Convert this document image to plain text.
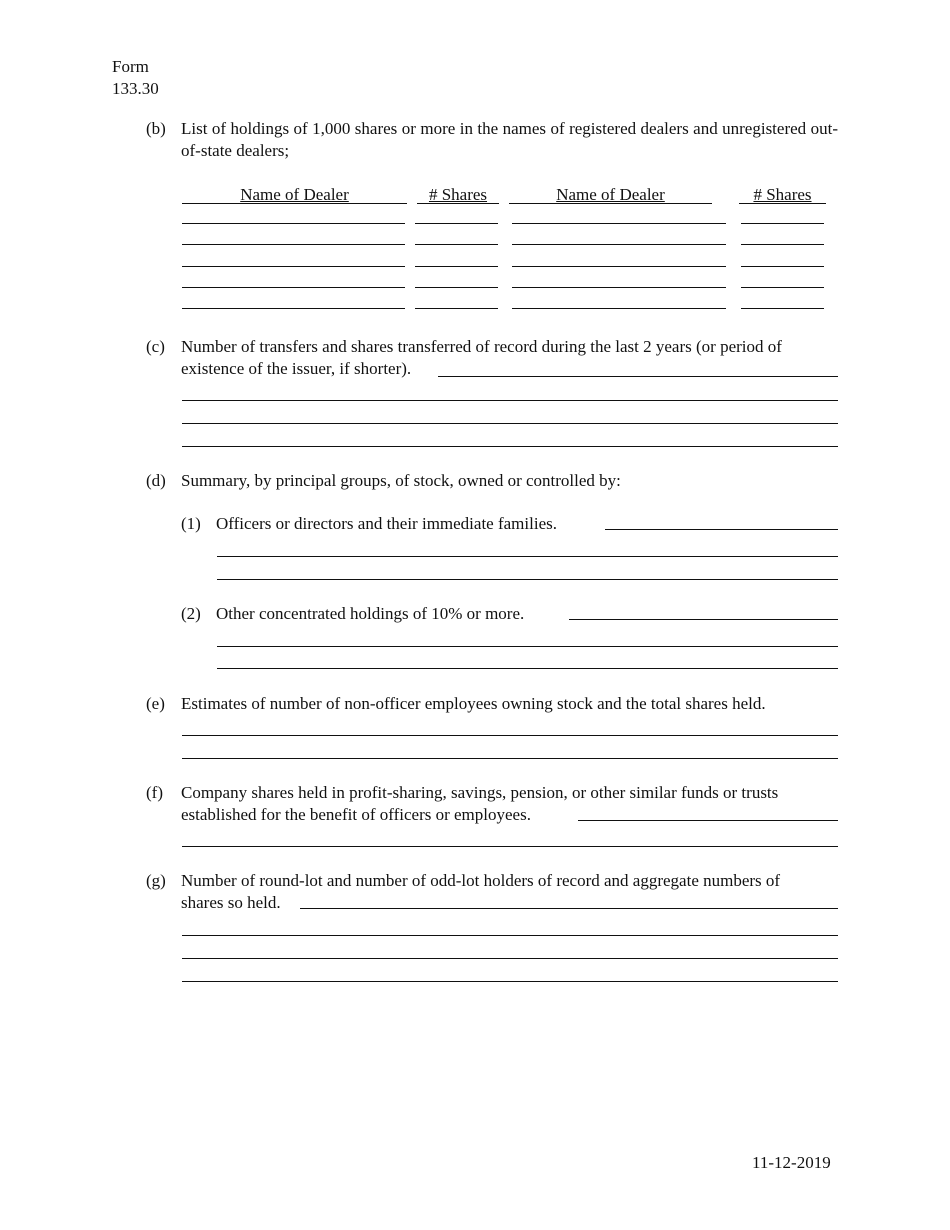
Form
133.30
(b) List of holdings of 1,000 shares or more in the names of registered dealers and unregistered out-of-state dealers;
Name of Dealer	# Shares	Name of Dealer	# Shares
(c) Number of transfers and shares transferred of record during the last 2 years (or period of
existence of the issuer, if shorter).
(d) Summary, by principal groups, of stock, owned or controlled by:
(1) Officers or directors and their immediate families.
(2) Other concentrated holdings of 10% or more.
(e) Estimates of number of non-officer employees owning stock and the total shares held.
(f) Company shares held in profit-sharing, savings, pension, or other similar funds or trusts
established for the benefit of officers or employees.
(g) Number of round-lot and number of odd-lot holders of record and aggregate numbers of
shares so held.
11-12-2019
